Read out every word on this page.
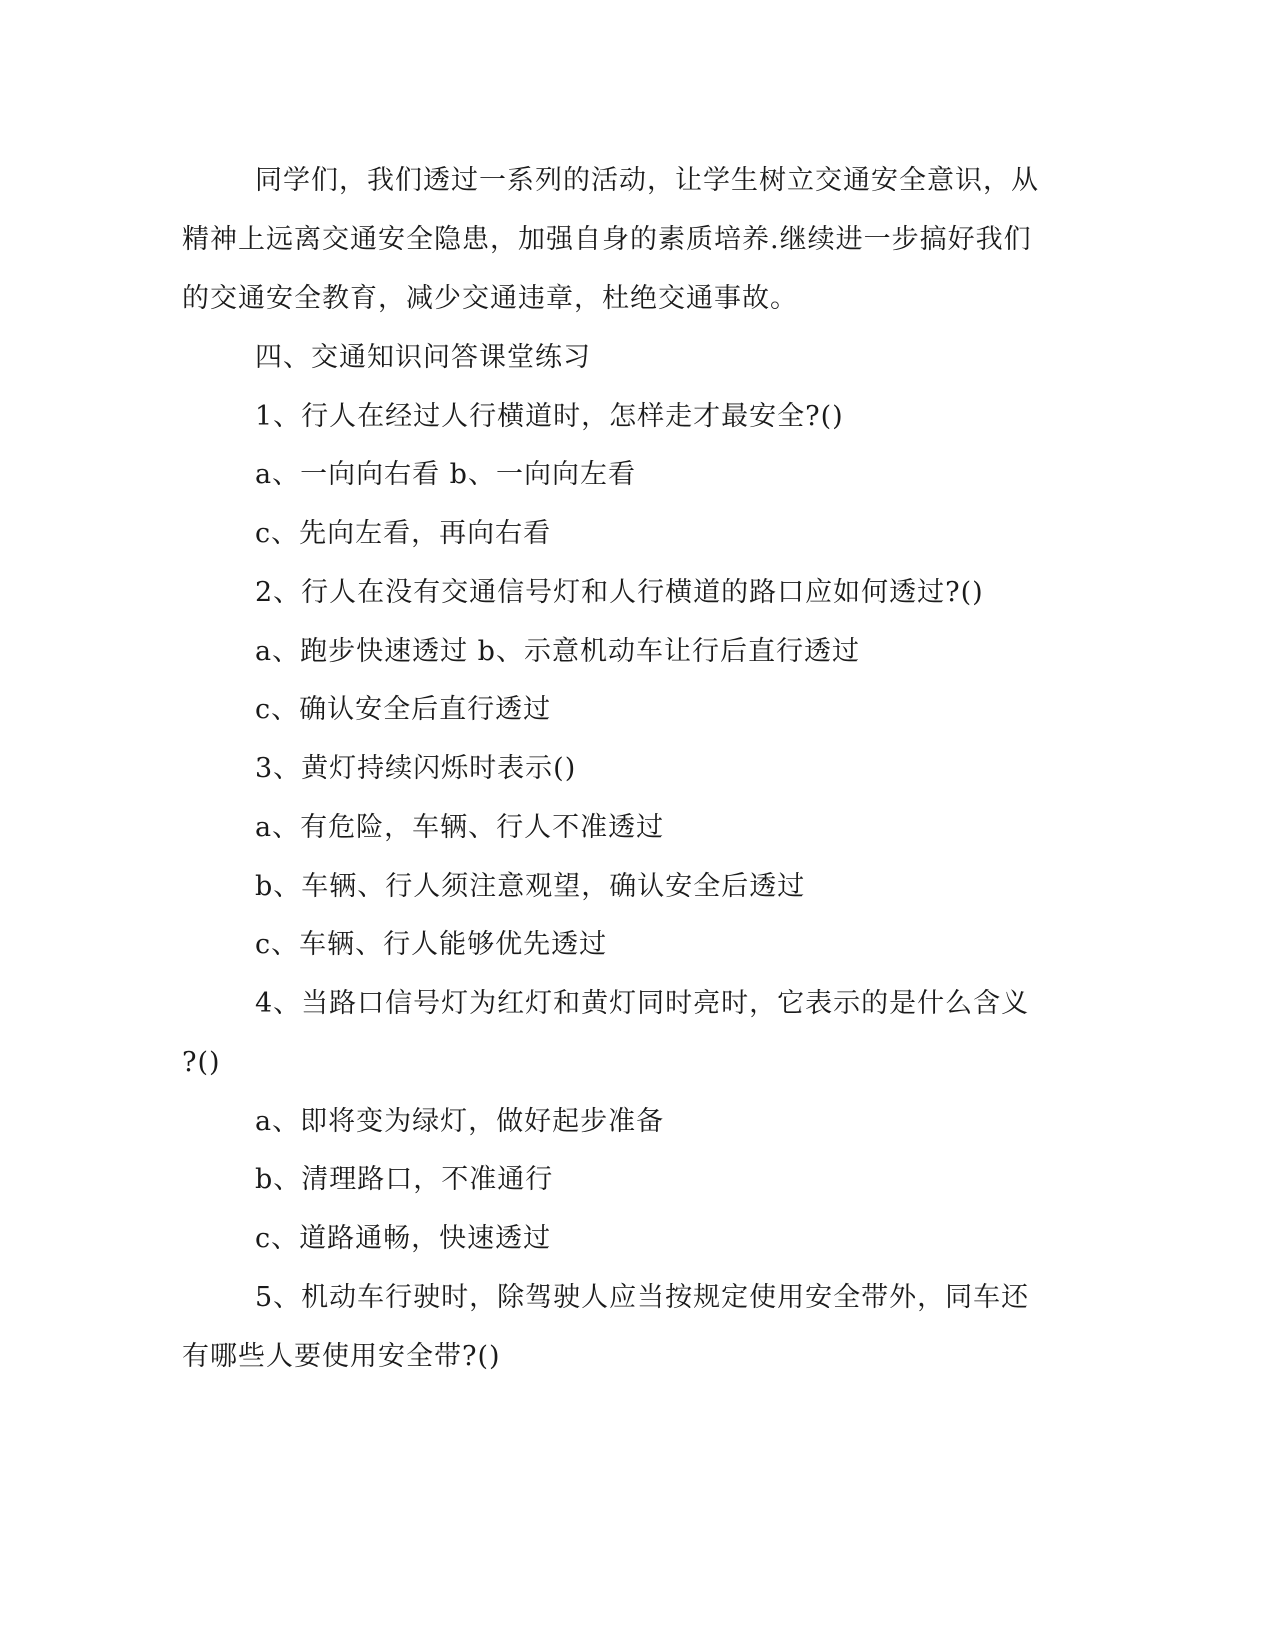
同学们，我们透过一系列的活动，让学生树立交通安全意识，从
精神上远离交通安全隐患，加强自身的素质培养.继续进一步搞好我们
的交通安全教育，减少交通违章，杜绝交通事故。
四、交通知识问答课堂练习
1、行人在经过人行横道时，怎样走才最安全?()
a、一向向右看 b、一向向左看
c、先向左看，再向右看
2、行人在没有交通信号灯和人行横道的路口应如何透过?()
a、跑步快速透过 b、示意机动车让行后直行透过
c、确认安全后直行透过
3、黄灯持续闪烁时表示()
a、有危险，车辆、行人不准透过
b、车辆、行人须注意观望，确认安全后透过
c、车辆、行人能够优先透过
4、当路口信号灯为红灯和黄灯同时亮时，它表示的是什么含义
?()
a、即将变为绿灯，做好起步准备
b、清理路口，不准通行
c、道路通畅，快速透过
5、机动车行驶时，除驾驶人应当按规定使用安全带外，同车还
有哪些人要使用安全带?()
